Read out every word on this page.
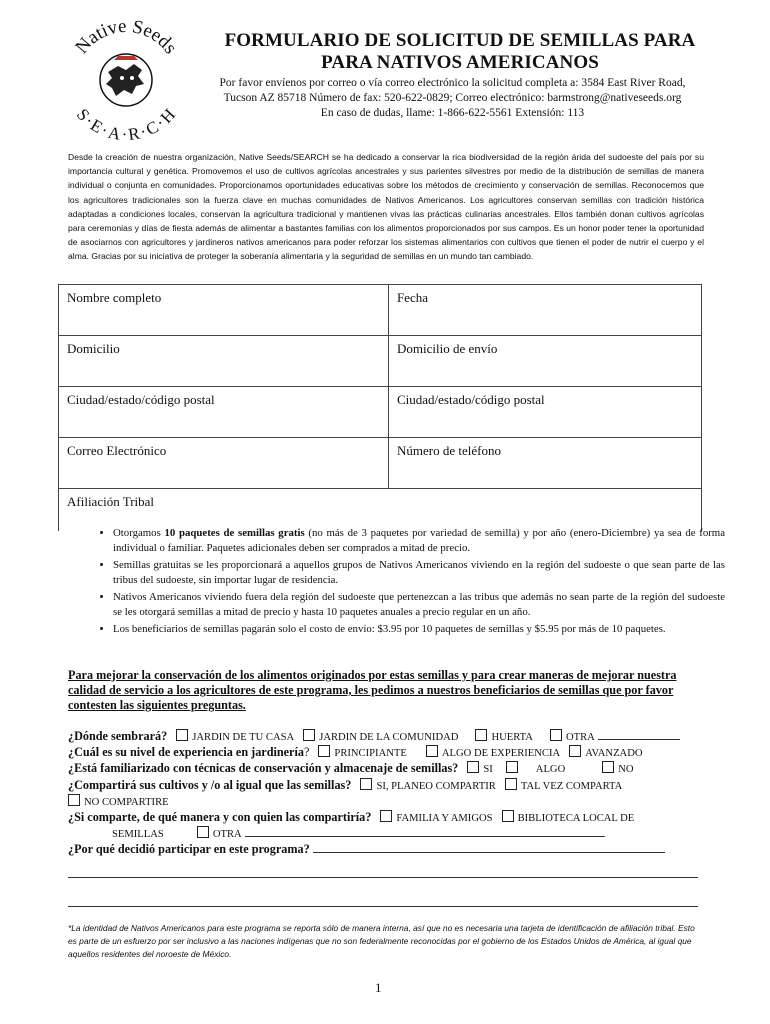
Native Seeds
S·E·A·R·C·H
FORMULARIO DE SOLICITUD DE SEMILLAS PARA
PARA NATIVOS AMERICANOS
Por favor envíenos por correo o vía correo electrónico la solicitud completa a: 3584 East River Road,
Tucson AZ 85718 Número de fax: 520-622-0829; Correo electrónico: barmstrong@nativeseeds.org
En caso de dudas, llame: 1-866-622-5561 Extensión: 113
Desde la creación de nuestra organización, Native Seeds/SEARCH se ha dedicado a conservar la rica biodiversidad de la región árida del sudoeste del país por su importancia cultural y genética. Promovemos el uso de cultivos agrícolas ancestrales y sus parientes silvestres por medio de la distribución de semillas de manera individual o conjunta en comunidades. Proporcionamos oportunidades educativas sobre los métodos de crecimiento y conservación de semillas. Reconocemos que los agricultores tradicionales son la fuerza clave en muchas comunidades de Nativos Americanos. Los agricultores conservan semillas con tradición histórica adaptadas a condiciones locales, conservan la agricultura tradicional y mantienen vivas las prácticas culinarias ancestrales. Ellos también donan cultivos agrícolas para ceremonias y días de fiesta además de alimentar a bastantes familias con los alimentos proporcionados por sus campos. Es un honor poder tener la oportunidad de asociarnos con agricultores y jardineros nativos americanos para poder reforzar los sistemas alimentarios con cultivos que tienen el poder de nutrir el cuerpo y el alma. Gracias por su iniciativa de proteger la soberanía alimentaria y la seguridad de semillas en un mundo tan cambiado.
Nombre completo	Fecha
Domicilio	Domicilio de envío
Ciudad/estado/código postal	Ciudad/estado/código postal
Correo Electrónico	Número de teléfono
Afiliación Tribal	
• Otorgamos 10 paquetes de semillas gratis (no más de 3 paquetes por variedad de semilla) y por año (enero-Diciembre) ya sea de forma individual o familiar. Paquetes adicionales deben ser comprados a mitad de precio.
• Semillas gratuitas se les proporcionará a aquellos grupos de Nativos Americanos viviendo en la región del sudoeste o que sean parte de las tribus del sudoeste, sin importar lugar de residencia.
• Nativos Americanos viviendo fuera dela región del sudoeste que pertenezcan a las tribus que además no sean parte de la región del sudoeste se les otorgará semillas a mitad de precio y hasta 10 paquetes anuales a precio regular en un año.
• Los beneficiarios de semillas pagarán solo el costo de envío: $3.95 por 10 paquetes de semillas y $5.95 por más de 10 paquetes.
Para mejorar la conservación de los alimentos originados por estas semillas y para crear maneras de mejorar nuestra calidad de servicio a los agricultores de este programa, les pedimos a nuestros beneficiarios de semillas que por favor contesten las siguientes preguntas.
¿Dónde sembrará? JARDIN DE TU CASA JARDIN DE LA COMUNIDAD	HUERTA	OTRA
¿Cuál es su nivel de experiencia en jardinería? PRINCIPIANTE	ALGO DE EXPERIENCIA AVANZADO
¿Está familiarizado con técnicas de conservación y almacenaje de semillas? SI	ALGO	NO
¿Compartirá sus cultivos y /o al igual que las semillas? SI, PLANEO COMPARTIR TAL VEZ COMPARTA
NO COMPARTIRE
¿Si comparte, de qué manera y con quien las compartiría? FAMILIA Y AMIGOS BIBLIOTECA LOCAL DE
SEMILLAS	OTRA
¿Por qué decidió participar en este programa?
*La identidad de Nativos Americanos para este programa se reporta sólo de manera interna, así que no es necesaria una tarjeta de identificación de afiliación tribal. Esto es parte de un esfuerzo por ser inclusivo a las naciones indígenas que no son federalmente reconocidas por el gobierno de los Estados Unidos de América, al igual que aquellos residentes del noroeste de México.
1
